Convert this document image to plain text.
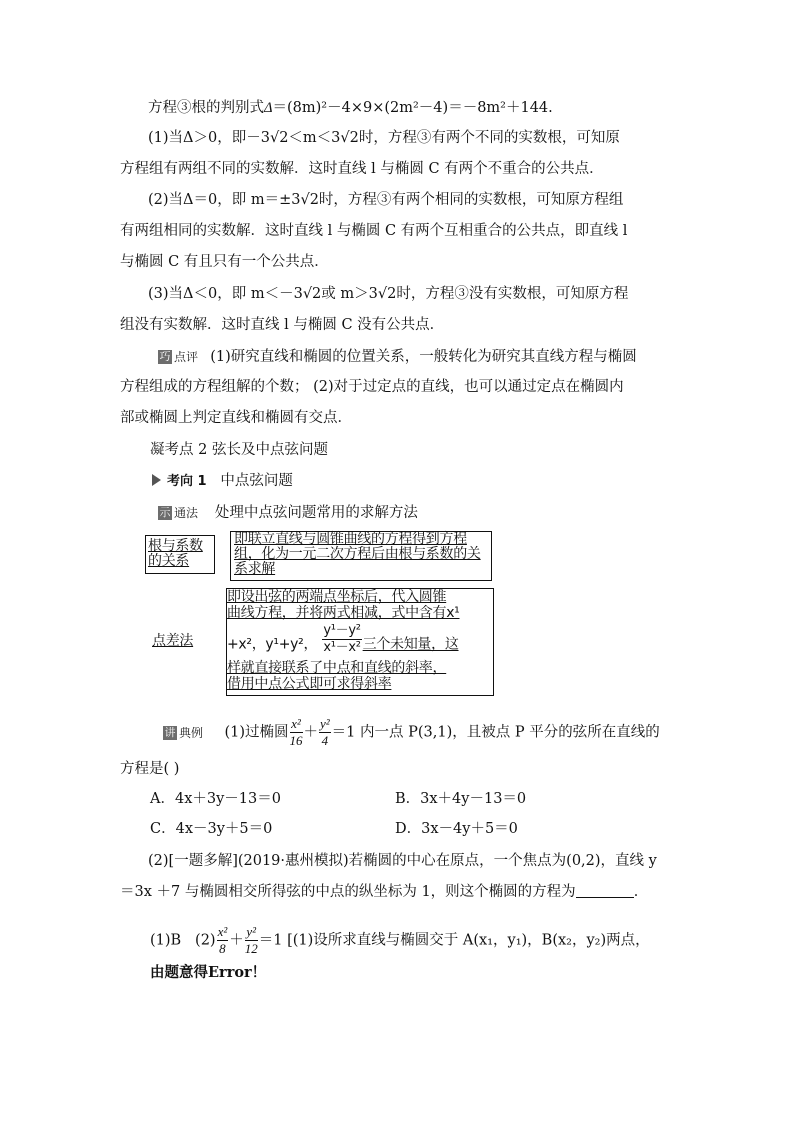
方程③根的判别式Δ＝(8m)²－4×9×(2m²－4)＝－8m²＋144.
(1)当Δ＞0，即－3√2＜m＜3√2时，方程③有两个不同的实数根，可知原
方程组有两组不同的实数解．这时直线 l 与椭圆 C 有两个不重合的公共点．
(2)当Δ＝0，即 m＝±3√2时，方程③有两个相同的实数根，可知原方程组
有两组相同的实数解．这时直线 l 与椭圆 C 有两个互相重合的公共点，即直线 l
与椭圆 C 有且只有一个公共点．
(3)当Δ＜0，即 m＜－3√2或 m＞3√2时，方程③没有实数根，可知原方程
组没有实数解．这时直线 l 与椭圆 C 没有公共点．
巧 点评 (1)研究直线和椭圆的位置关系，一般转化为研究其直线方程与椭圆
方程组成的方程组解的个数； (2)对于过定点的直线，也可以通过定点在椭圆内
部或椭圆上判定直线和椭圆有交点．
凝考点 2 弦长及中点弦问题
考向 1 中点弦问题
示 通法 处理中点弦问题常用的求解方法
根与系数的关系
即联立直线与圆锥曲线的方程得到方程组，化为一元二次方程后由根与系数的关系求解
即设出弦的两端点坐标后，代入圆锥
曲线方程，并将两式相减，式中含有x¹
+x²，y¹+y²， $\frac{\text{y¹－y²}}{\text{x¹－x²}}$ 三个未知量，这
样就直接联系了中点和直线的斜率，
借用中点公式即可求得斜率
点差法
讲 典例 (1)过椭圆 $\frac{\text{x²}}{16} + \frac{\text{y²}}{4} =1$ 内一点 P(3,1)，且被点 P 平分的弦所在直线的
方程是( )
A．4x＋3y－13＝0	B．3x＋4y－13＝0
C．4x－3y＋5＝0	D．3x－4y＋5＝0
(2)[一题多解](2019·惠州模拟)若椭圆的中心在原点，一个焦点为(0,2)，直线 y
＝3x ＋7 与椭圆相交所得弦的中点的纵坐标为 1，则这个椭圆的方程为	．
(1)B $(2) \frac{\text{x²}}{8} + \frac{\text{y²}}{12} =1$ [(1)设所求直线与椭圆交于 A(x₁，y₁)，B(x₂，y₂)两点，
由题意得Error！
